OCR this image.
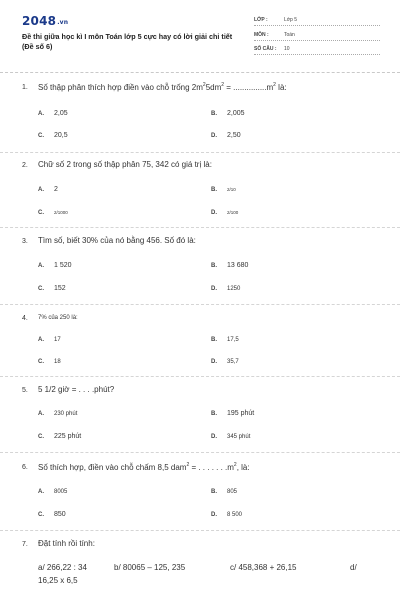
2048.vn
Đề thi giữa học kì I môn Toán lớp 5 cực hay có lời giải chi tiết (Đề số 6)
LỚP :	Lớp 5
MÔN :	Toán
SỐ CÂU : 10
1. Số thập phân thích hợp điền vào chỗ trống $2m^25dm^2 = ...............m^2$ là:
A. 2,05	B. 2,005
C. 20,5	D. 2,50
2. Chữ số 2 trong số thập phân 75, 342 có giá trị là:
A. 2	B. 2/10
C. 2/1000	D. 2/100
3. Tìm số, biết 30% của nó bằng 456. Số đó là:
A. 1 520	B. 13 680
C. 152	D. 1250
4. 7% của 250 là:
A. 17	B. 17,5
C. 18	D. 35,7
5. 5 1/2 giờ = . . . .phút?
A. 230 phút	B. 195 phút
C. 225 phút	D. 345 phút
6. Số thích hợp, điền vào chỗ chấm 8,5 dam$^2$ = . . . . . . $.m^2$, là:
A. 8005	B. 805
C. 850	D. 8 500
7. Đặt tính rồi tính:
a/ 266,22 : 34	b/ 80065 – 125, 235	c/ 458,368 + 26,15	d/
16,25 x 6,5
